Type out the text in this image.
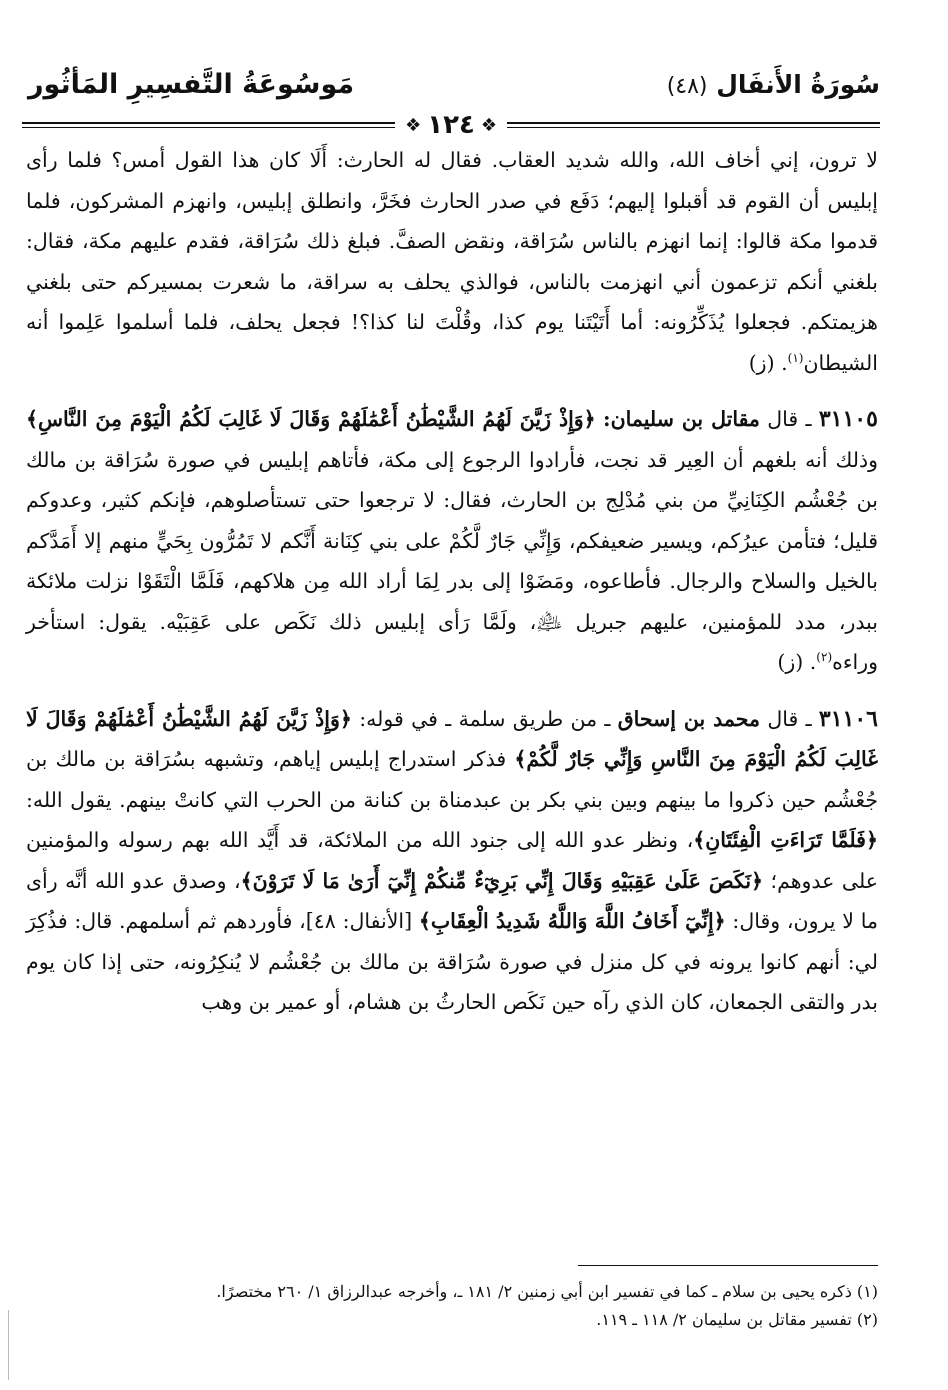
سُورَةُ الأَنفَال (٤٨)
مَوسُوعَةُ التَّفسِيرِ المَأثُور
❖ ١٢٤ ❖

لا ترون، إني أخاف الله، والله شديد العقاب. فقال له الحارث: أَلَا كان هذا القول أمس؟ فلما رأى إبليس أن القوم قد أقبلوا إليهم؛ دَفَع في صدر الحارث فخَرَّ، وانطلق إبليس، وانهزم المشركون، فلما قدموا مكة قالوا: إنما انهزم بالناس سُرَاقة، ونقض الصفَّ. فبلغ ذلك سُرَاقة، فقدم عليهم مكة، فقال: بلغني أنكم تزعمون أني انهزمت بالناس، فوالذي يحلف به سراقة، ما شعرت بمسيركم حتى بلغني هزيمتكم. فجعلوا يُذَكِّرُونه: أما أَتَيْتَنا يوم كذا، وقُلْتَ لنا كذا؟! فجعل يحلف، فلما أسلموا عَلِموا أنه الشيطان$^{(١)}$. (ز)

٣١١٠٥ ـ قال مقاتل بن سليمان: ﴿وَإِذْ زَيَّنَ لَهُمُ الشَّيْطَٰنُ أَعْمَٰلَهُمْ وَقَالَ لَا غَالِبَ لَكُمُ الْيَوْمَ مِنَ النَّاسِ﴾ وذلك أنه بلغهم أن العِير قد نجت، فأرادوا الرجوع إلى مكة، فأتاهم إبليس في صورة سُرَاقة بن مالك بن جُعْشُم الكِنَانِيِّ من بني مُدْلِج بن الحارث، فقال: لا ترجعوا حتى تستأصلوهم، فإنكم كثير، وعدوكم قليل؛ فتأمن عيرُكم، ويسير ضعيفكم، وَإِنِّي جَارٌ لَّكُمْ على بني كِنَانة أَنَّكم لا تَمُرُّون بِحَيٍّ منهم إلا أَمَدَّكم بالخيل والسلاح والرجال. فأطاعوه، ومَضَوْا إلى بدر لِمَا أراد الله مِن هلاكهم، فَلَمَّا الْتَقَوْا نزلت ملائكة ببدر، مدد للمؤمنين، عليهم جبريل ﵇، ولَمَّا رَأى إبليس ذلك نَكَص على عَقِبَيْه. يقول: استأخر وراءه$^{(٢)}$. (ز)

٣١١٠٦ ـ قال محمد بن إسحاق ـ من طريق سلمة ـ في قوله: ﴿وَإِذْ زَيَّنَ لَهُمُ الشَّيْطَٰنُ أَعْمَٰلَهُمْ وَقَالَ لَا غَالِبَ لَكُمُ الْيَوْمَ مِنَ النَّاسِ وَإِنِّي جَارٌ لَّكُمْ﴾ فذكر استدراج إبليس إياهم، وتشبهه بسُرَاقة بن مالك بن جُعْشُم حين ذكروا ما بينهم وبين بني بكر بن عبدمناة بن كنانة من الحرب التي كانتْ بينهم. يقول الله: ﴿فَلَمَّا تَرَاءَتِ الْفِئَتَانِ﴾، ونظر عدو الله إلى جنود الله من الملائكة، قد أَيَّد الله بهم رسوله والمؤمنين على عدوهم؛ ﴿نَكَصَ عَلَىٰ عَقِبَيْهِ وَقَالَ إِنِّي بَرِيٓءٌ مِّنكُمْ إِنِّيٓ أَرَىٰ مَا لَا تَرَوْنَ﴾، وصدق عدو الله أنَّه رأى ما لا يرون، وقال: ﴿إِنِّيٓ أَخَافُ اللَّهَ وَاللَّهُ شَدِيدُ الْعِقَابِ﴾ [الأنفال: ٤٨]، فأوردهم ثم أسلمهم. قال: فذُكِرَ لي: أنهم كانوا يرونه في كل منزل في صورة سُرَاقة بن مالك بن جُعْشُم لا يُنكِرُونه، حتى إذا كان يوم بدر والتقى الجمعان، كان الذي رآه حين نَكَص الحارثُ بن هشام، أو عمير بن وهب

(١) ذكره يحيى بن سلام ـ كما في تفسير ابن أبي زمنين ٢/ ١٨١ ـ، وأخرجه عبدالرزاق ١/ ٢٦٠ مختصرًا.

(٢) تفسير مقاتل بن سليمان ٢/ ١١٨ ـ ١١٩.
